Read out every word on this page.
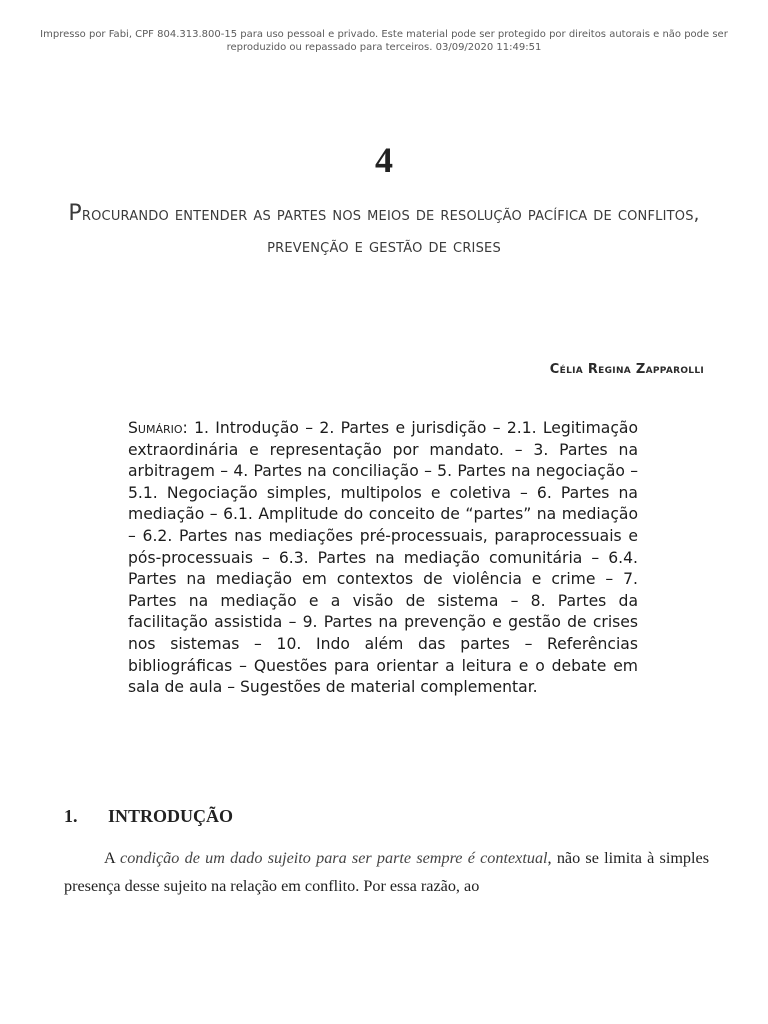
Impresso por Fabi, CPF 804.313.800-15 para uso pessoal e privado. Este material pode ser protegido por direitos autorais e não pode ser reproduzido ou repassado para terceiros. 03/09/2020 11:49:51
4
Procurando entender as partes nos meios de resolução pacífica de conflitos, prevenção e gestão de crises
Célia Regina Zapparolli
Sumário: 1. Introdução – 2. Partes e jurisdição – 2.1. Legitimação extraordinária e representação por mandato. – 3. Partes na arbitragem – 4. Partes na conciliação – 5. Partes na negociação – 5.1. Negociação simples, multipolos e coletiva – 6. Partes na mediação – 6.1. Amplitude do conceito de “partes” na mediação – 6.2. Partes nas mediações pré-processuais, paraprocessuais e pós-processuais – 6.3. Partes na mediação comunitária – 6.4. Partes na mediação em contextos de violência e crime – 7. Partes na mediação e a visão de sistema – 8. Partes da facilitação assistida – 9. Partes na prevenção e gestão de crises nos sistemas – 10. Indo além das partes – Referências bibliográficas – Questões para orientar a leitura e o debate em sala de aula – Sugestões de material complementar.
1. INTRODUÇÃO
A condição de um dado sujeito para ser parte sempre é contextual, não se limita à simples presença desse sujeito na relação em conflito. Por essa razão, ao
